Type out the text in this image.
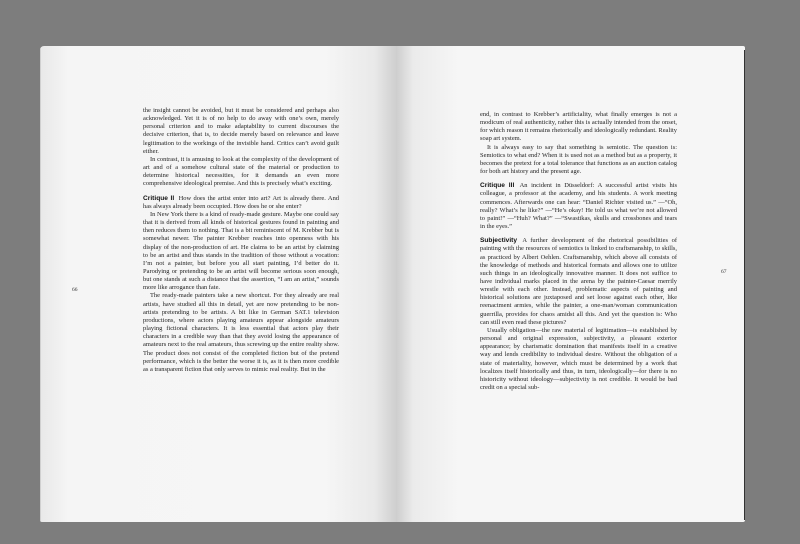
66

the insight cannot be avoided, but it must be considered and perhaps also acknowledged. Yet it is of no help to do away with one’s own, merely personal criterion and to make adaptability to current discourses the decisive criterion, that is, to decide merely based on relevance and leave legitimation to the workings of the invisible hand. Critics can’t avoid guilt either.

In contrast, it is amusing to look at the complexity of the development of art and of a somehow cultural state of the material or production to determine historical necessities, for it demands an even more comprehensive ideological premise. And this is precisely what’s exciting.

Critique II How does the artist enter into art? Art is already there. And has always already been occupied. How does he or she enter?

In New York there is a kind of ready-made gesture. Maybe one could say that it is derived from all kinds of historical gestures found in painting and then reduces them to nothing. That is a bit reminiscent of M. Krebber but is somewhat newer. The painter Krebber reaches into openness with his display of the non-production of art. He claims to be an artist by claiming to be an artist and thus stands in the tradition of those without a vocation: I’m not a painter, but before you all start painting, I’d better do it. Parodying or pretending to be an artist will become serious soon enough, but one stands at such a distance that the assertion, “I am an artist,” sounds more like arrogance than fate.

The ready-made painters take a new shortcut. For they already are real artists, have studied all this in detail, yet are now pretending to be non-artists pretending to be artists. A bit like in German SAT.1 television productions, where actors playing amateurs appear alongside amateurs playing fictional characters. It is less essential that actors play their characters in a credible way than that they avoid losing the appearance of amateurs next to the real amateurs, thus screwing up the entire reality show. The product does not consist of the completed fiction but of the pretend performance, which is the better the worse it is, as it is then more credible as a transparent fiction that only serves to mimic real reality. But in the

67

end, in contrast to Krebber’s artificiality, what finally emerges is not a modicum of real authenticity, rather this is actually intended from the onset, for which reason it remains rhetorically and ideologically redundant. Reality soap art system.

It is always easy to say that something is semiotic. The question is: Semiotics to what end? When it is used not as a method but as a property, it becomes the pretext for a total tolerance that functions as an auction catalog for both art history and the present age.

Critique III An incident in Düsseldorf: A successful artist visits his colleague, a professor at the academy, and his students. A work meeting commences. Afterwards one can hear: “Daniel Richter visited us.” —“Oh, really? What’s he like?” —“He’s okay! He told us what we’re not allowed to paint!” —“Huh? What?” —“Swastikas, skulls and crossbones and tears in the eyes.”

Subjectivity A further development of the rhetorical possibilities of painting with the resources of semiotics is linked to craftsmanship, to skills, as practiced by Albert Oehlen. Craftsmanship, which above all consists of the knowledge of methods and historical formats and allows one to utilize such things in an ideologically innovative manner. It does not suffice to have individual marks placed in the arena by the painter-Caesar merrily wrestle with each other. Instead, problematic aspects of painting and historical solutions are juxtaposed and set loose against each other, like reenactment armies, while the painter, a one-man/woman communication guerrilla, provides for chaos amidst all this. And yet the question is: Who can still even read these pictures?

Usually obligation—the raw material of legitimation—is established by personal and original expression, subjectivity, a pleasant exterior appearance; by charismatic domination that manifests itself in a creative way and lends credibility to individual desire. Without the obligation of a state of materiality, however, which must be determined by a work that localizes itself historically and thus, in turn, ideologically—for there is no historicity without ideology—subjectivity is not credible. It would be bad credit on a special sub-
